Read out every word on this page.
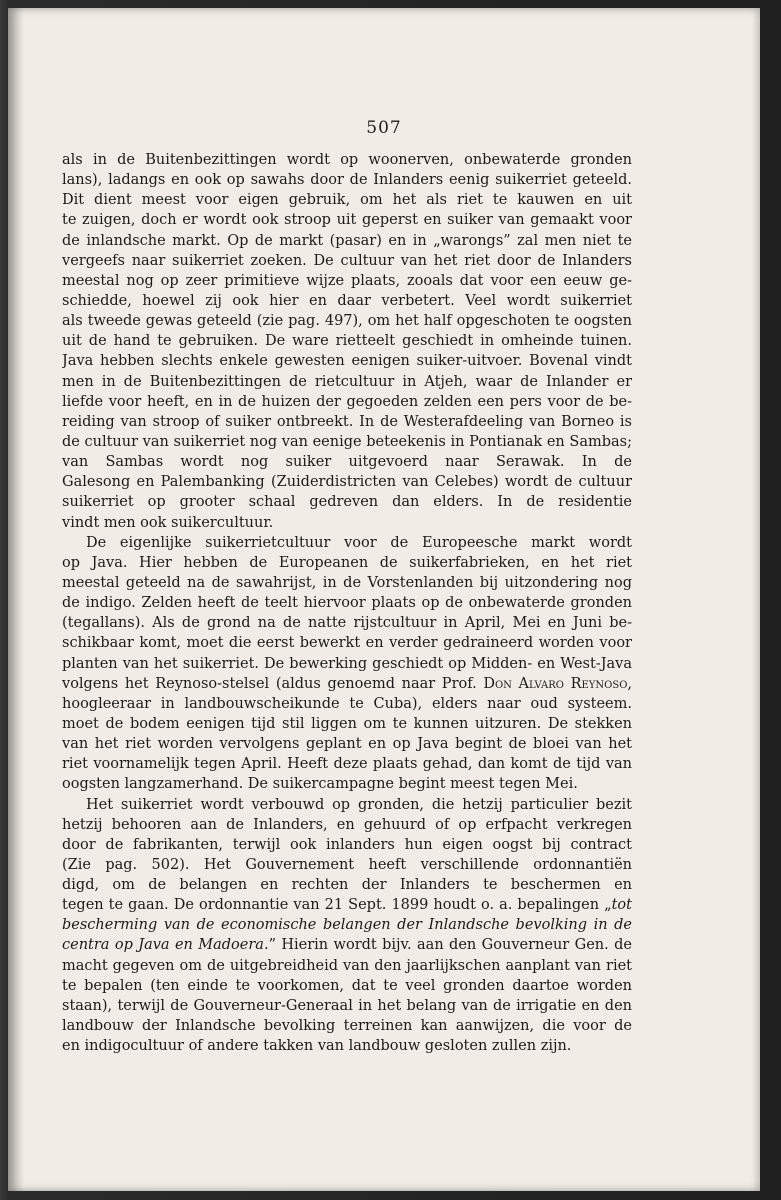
507
als in de Buitenbezittingen wordt op woonerven, onbewaterde gronden
lans), ladangs en ook op sawahs door de Inlanders eenig suikerriet geteeld.
Dit dient meest voor eigen gebruik, om het als riet te kauwen en uit
te zuigen, doch er wordt ook stroop uit geperst en suiker van gemaakt voor
de inlandsche markt. Op de markt (pasar) en in „warongs” zal men niet te
vergeefs naar suikerriet zoeken. De cultuur van het riet door de Inlanders
meestal nog op zeer primitieve wijze plaats, zooals dat voor een eeuw ge-
schiedde, hoewel zij ook hier en daar verbetert. Veel wordt suikerriet
als tweede gewas geteeld (zie pag. 497), om het half opgeschoten te oogsten
uit de hand te gebruiken. De ware rietteelt geschiedt in omheinde tuinen.
Java hebben slechts enkele gewesten eenigen suiker-uitvoer. Bovenal vindt
men in de Buitenbezittingen de rietcultuur in Atjeh, waar de Inlander er
liefde voor heeft, en in de huizen der gegoeden zelden een pers voor de be-
reiding van stroop of suiker ontbreekt. In de Westerafdeeling van Borneo is
de cultuur van suikerriet nog van eenige beteekenis in Pontianak en Sambas;
van Sambas wordt nog suiker uitgevoerd naar Serawak. In de
Galesong en Palembanking (Zuiderdistricten van Celebes) wordt de cultuur
suikerriet op grooter schaal gedreven dan elders. In de residentie
vindt men ook suikercultuur.
De eigenlijke suikerrietcultuur voor de Europeesche markt wordt
op Java. Hier hebben de Europeanen de suikerfabrieken, en het riet
meestal geteeld na de sawahrijst, in de Vorstenlanden bij uitzondering nog
de indigo. Zelden heeft de teelt hiervoor plaats op de onbewaterde gronden
(tegallans). Als de grond na de natte rijstcultuur in April, Mei en Juni be-
schikbaar komt, moet die eerst bewerkt en verder gedraineerd worden voor
planten van het suikerriet. De bewerking geschiedt op Midden- en West-Java
volgens het Reynoso-stelsel (aldus genoemd naar Prof. Don Alvaro Reynoso,
hoogleeraar in landbouwscheikunde te Cuba), elders naar oud systeem.
moet de bodem eenigen tijd stil liggen om te kunnen uitzuren. De stekken
van het riet worden vervolgens geplant en op Java begint de bloei van het
riet voornamelijk tegen April. Heeft deze plaats gehad, dan komt de tijd van
oogsten langzamerhand. De suikercampagne begint meest tegen Mei.
Het suikerriet wordt verbouwd op gronden, die hetzij particulier bezit
hetzij behooren aan de Inlanders, en gehuurd of op erfpacht verkregen
door de fabrikanten, terwijl ook inlanders hun eigen oogst bij contract
(Zie pag. 502). Het Gouvernement heeft verschillende ordonnantiën
digd, om de belangen en rechten der Inlanders te beschermen en
tegen te gaan. De ordonnantie van 21 Sept. 1899 houdt o. a. bepalingen „tot
bescherming van de economische belangen der Inlandsche bevolking in de
centra op Java en Madoera.” Hierin wordt bijv. aan den Gouverneur Gen. de
macht gegeven om de uitgebreidheid van den jaarlijkschen aanplant van riet
te bepalen (ten einde te voorkomen, dat te veel gronden daartoe worden
staan), terwijl de Gouverneur-Generaal in het belang van de irrigatie en den
landbouw der Inlandsche bevolking terreinen kan aanwijzen, die voor de
en indigocultuur of andere takken van landbouw gesloten zullen zijn.
